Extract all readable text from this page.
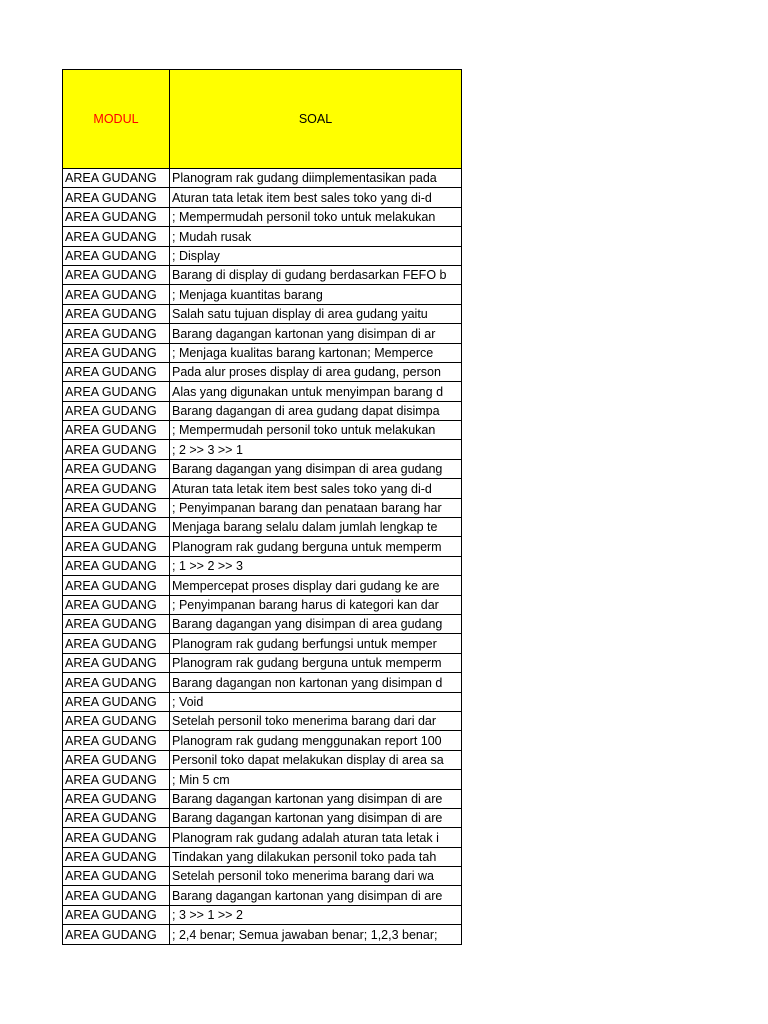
MODUL	SOAL
AREA GUDANG	Planogram rak gudang diimplementasikan pada
AREA GUDANG	Aturan tata letak item best sales toko yang di-d
AREA GUDANG	; Mempermudah personil toko untuk melakukan
AREA GUDANG	; Mudah rusak
AREA GUDANG	; Display
AREA GUDANG	Barang di display di gudang berdasarkan FEFO b
AREA GUDANG	; Menjaga kuantitas barang
AREA GUDANG	Salah satu tujuan display di area gudang yaitu
AREA GUDANG	Barang dagangan kartonan yang disimpan di ar
AREA GUDANG	; Menjaga kualitas barang kartonan; Memperce
AREA GUDANG	Pada alur proses display di area gudang, person
AREA GUDANG	Alas yang digunakan untuk menyimpan barang d
AREA GUDANG	Barang dagangan di area gudang dapat disimpa
AREA GUDANG	; Mempermudah personil toko untuk melakukan
AREA GUDANG	; 2 >> 3 >> 1
AREA GUDANG	Barang dagangan yang disimpan di area gudang
AREA GUDANG	Aturan tata letak item best sales toko yang di-d
AREA GUDANG	; Penyimpanan barang dan penataan barang har
AREA GUDANG	Menjaga barang selalu dalam jumlah lengkap te
AREA GUDANG	Planogram rak gudang berguna untuk memperm
AREA GUDANG	; 1 >> 2 >> 3
AREA GUDANG	Mempercepat proses display dari gudang ke are
AREA GUDANG	; Penyimpanan barang harus di kategori kan dar
AREA GUDANG	Barang dagangan yang disimpan di area gudang
AREA GUDANG	Planogram rak gudang berfungsi untuk memper
AREA GUDANG	Planogram rak gudang berguna untuk memperm
AREA GUDANG	Barang dagangan non kartonan yang disimpan d
AREA GUDANG	; Void
AREA GUDANG	Setelah personil toko menerima barang dari dar
AREA GUDANG	Planogram rak gudang menggunakan report 100
AREA GUDANG	Personil toko dapat melakukan display di area sa
AREA GUDANG	; Min 5 cm
AREA GUDANG	Barang dagangan kartonan yang disimpan di are
AREA GUDANG	Barang dagangan kartonan yang disimpan di are
AREA GUDANG	Planogram rak gudang adalah aturan tata letak i
AREA GUDANG	Tindakan yang dilakukan personil toko pada tah
AREA GUDANG	Setelah personil toko menerima barang dari wa
AREA GUDANG	Barang dagangan kartonan yang disimpan di are
AREA GUDANG	; 3 >> 1 >> 2
AREA GUDANG	; 2,4 benar; Semua jawaban benar; 1,2,3 benar;
